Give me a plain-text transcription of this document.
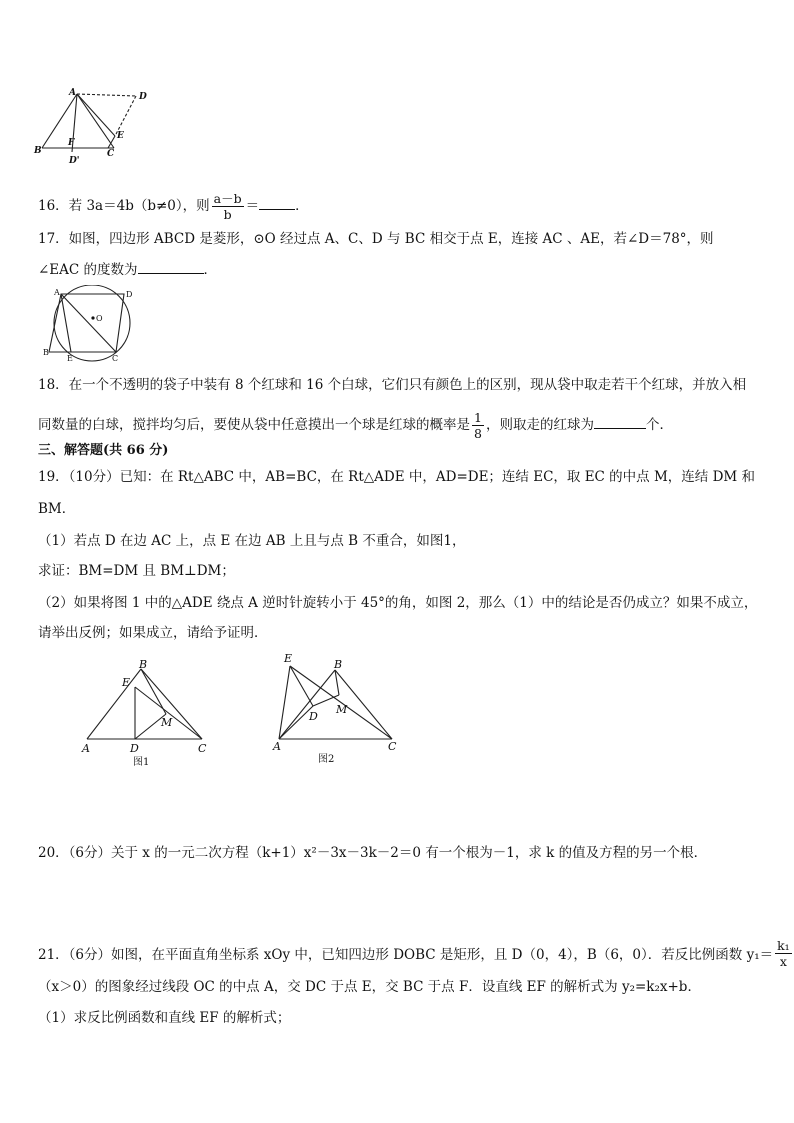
A	D
B
F
D'
C
E
16．若 3a＝4b（b≠0），则 $\frac{a-b}{b}$ ＝	．
17．如图，四边形 ABCD 是菱形，⊙O 经过点 A、C、D 与 BC 相交于点 E，连接 AC 、AE，若∠D＝78°，则
∠EAC 的度数为	．
A	D
O
B
E	C
18．在一个不透明的袋子中装有 8 个红球和 16 个白球，它们只有颜色上的区别，现从袋中取走若干个红球，并放入相
同数量的白球，搅拌均匀后，要使从袋中任意摸出一个球是红球的概率是 $\frac{1}{8}$ ，则取走的红球为	个．
三、解答题(共 66 分)
19．（10分）已知：在 Rt△ABC 中，AB=BC，在 Rt△ADE 中，AD=DE；连结 EC，取 EC 的中点 M，连结 DM 和
BM．
（1）若点 D 在边 AC 上，点 E 在边 AB 上且与点 B 不重合，如图1，
求证：BM=DM 且 BM⊥DM；
（2）如果将图 1 中的△ADE 绕点 A 逆时针旋转小于 45°的角，如图 2，那么（1）中的结论是否仍成立？如果不成立，
请举出反例；如果成立，请给予证明．
B
E
M
A	D	C
图1
E	B
D
M
A	C
图2
20．（6分）关于 x 的一元二次方程（k+1）x²－3x－3k－2＝0 有一个根为－1，求 k 的值及方程的另一个根．
21．（6分）如图，在平面直角坐标系 xOy 中，已知四边形 DOBC 是矩形，且 D（0，4），B（6，0）．若反比例函数 $y_1= \frac{\text{k₁}}{x}$
（x＞0）的图象经过线段 OC 的中点 A，交 DC 于点 E，交 BC 于点 F．设直线 EF 的解析式为 y₂=k₂x+b．
（1）求反比例函数和直线 EF 的解析式；
